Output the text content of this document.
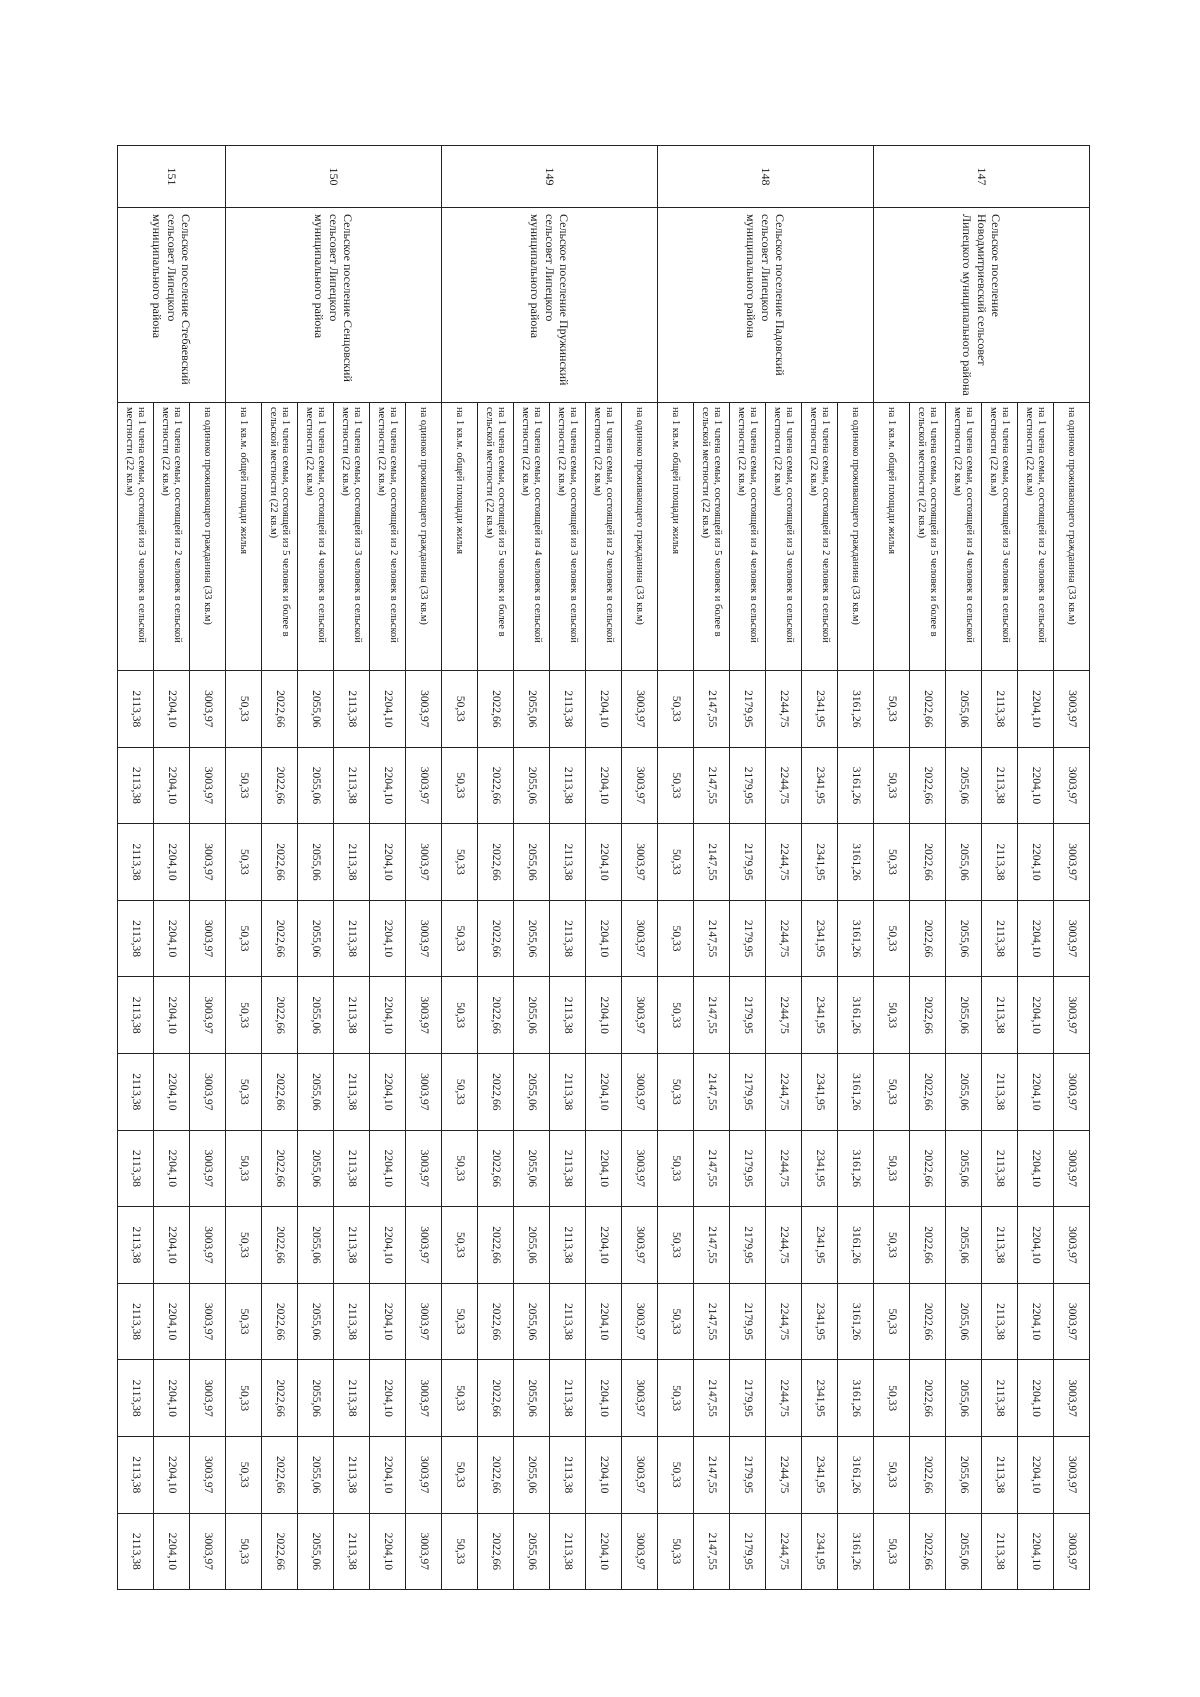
147	Сельское поселение Новодмитриевский сельсовет Липецкого муниципального района	на одиноко проживающего гражданина (33 кв.м)	3003,97	3003,97	3003,97	3003,97	3003,97	3003,97	3003,97	3003,97	3003,97	3003,97	3003,97	3003,97
		на 1 члена семьи, состоящей из 2 человек в сельской местности (22 кв.м)	2204,10	2204,10	2204,10	2204,10	2204,10	2204,10	2204,10	2204,10	2204,10	2204,10	2204,10	2204,10
		на 1 члена семьи, состоящей из 3 человек в сельской местности (22 кв.м)	2113,38	2113,38	2113,38	2113,38	2113,38	2113,38	2113,38	2113,38	2113,38	2113,38	2113,38	2113,38
		на 1 члена семьи, состоящей из 4 человек в сельской местности (22 кв.м)	2055,06	2055,06	2055,06	2055,06	2055,06	2055,06	2055,06	2055,06	2055,06	2055,06	2055,06	2055,06
		на 1 члена семьи, состоящей из 5 человек и более в сельской местности (22 кв.м)	2022,66	2022,66	2022,66	2022,66	2022,66	2022,66	2022,66	2022,66	2022,66	2022,66	2022,66	2022,66
		на 1 кв.м. общей площади жилья	50,33	50,33	50,33	50,33	50,33	50,33	50,33	50,33	50,33	50,33	50,33	50,33
148	Сельское поселение Падовский сельсовет Липецкого муниципального района	на одиноко проживающего гражданина (33 кв.м)	3161,26	3161,26	3161,26	3161,26	3161,26	3161,26	3161,26	3161,26	3161,26	3161,26	3161,26	3161,26
		на 1 члена семьи, состоящей из 2 человек в сельской местности (22 кв.м)	2341,95	2341,95	2341,95	2341,95	2341,95	2341,95	2341,95	2341,95	2341,95	2341,95	2341,95	2341,95
		на 1 члена семьи, состоящей из 3 человек в сельской местности (22 кв.м)	2244,75	2244,75	2244,75	2244,75	2244,75	2244,75	2244,75	2244,75	2244,75	2244,75	2244,75	2244,75
		на 1 члена семьи, состоящей из 4 человек в сельской местности (22 кв.м)	2179,95	2179,95	2179,95	2179,95	2179,95	2179,95	2179,95	2179,95	2179,95	2179,95	2179,95	2179,95
		на 1 члена семьи, состоящей из 5 человек и более в сельской местности (22 кв.м)	2147,55	2147,55	2147,55	2147,55	2147,55	2147,55	2147,55	2147,55	2147,55	2147,55	2147,55	2147,55
		на 1 кв.м. общей площади жилья	50,33	50,33	50,33	50,33	50,33	50,33	50,33	50,33	50,33	50,33	50,33	50,33
149	Сельское поселение Пружинский сельсовет Липецкого муниципального района	на одиноко проживающего гражданина (33 кв.м)	3003,97	3003,97	3003,97	3003,97	3003,97	3003,97	3003,97	3003,97	3003,97	3003,97	3003,97	3003,97
		на 1 члена семьи, состоящей из 2 человек в сельской местности (22 кв.м)	2204,10	2204,10	2204,10	2204,10	2204,10	2204,10	2204,10	2204,10	2204,10	2204,10	2204,10	2204,10
		на 1 члена семьи, состоящей из 3 человек в сельской местности (22 кв.м)	2113,38	2113,38	2113,38	2113,38	2113,38	2113,38	2113,38	2113,38	2113,38	2113,38	2113,38	2113,38
		на 1 члена семьи, состоящей из 4 человек в сельской местности (22 кв.м)	2055,06	2055,06	2055,06	2055,06	2055,06	2055,06	2055,06	2055,06	2055,06	2055,06	2055,06	2055,06
		на 1 члена семьи, состоящей из 5 человек и более в сельской местности (22 кв.м)	2022,66	2022,66	2022,66	2022,66	2022,66	2022,66	2022,66	2022,66	2022,66	2022,66	2022,66	2022,66
		на 1 кв.м. общей площади жилья	50,33	50,33	50,33	50,33	50,33	50,33	50,33	50,33	50,33	50,33	50,33	50,33
150	Сельское поселение Сенцовский сельсовет Липецкого муниципального района	на одиноко проживающего гражданина (33 кв.м)	3003,97	3003,97	3003,97	3003,97	3003,97	3003,97	3003,97	3003,97	3003,97	3003,97	3003,97	3003,97
		на 1 члена семьи, состоящей из 2 человек в сельской местности (22 кв.м)	2204,10	2204,10	2204,10	2204,10	2204,10	2204,10	2204,10	2204,10	2204,10	2204,10	2204,10	2204,10
		на 1 члена семьи, состоящей из 3 человек в сельской местности (22 кв.м)	2113,38	2113,38	2113,38	2113,38	2113,38	2113,38	2113,38	2113,38	2113,38	2113,38	2113,38	2113,38
		на 1 члена семьи, состоящей из 4 человек в сельской местности (22 кв.м)	2055,06	2055,06	2055,06	2055,06	2055,06	2055,06	2055,06	2055,06	2055,06	2055,06	2055,06	2055,06
		на 1 члена семьи, состоящей из 5 человек и более в сельской местности (22 кв.м)	2022,66	2022,66	2022,66	2022,66	2022,66	2022,66	2022,66	2022,66	2022,66	2022,66	2022,66	2022,66
		на 1 кв.м. общей площади жилья	50,33	50,33	50,33	50,33	50,33	50,33	50,33	50,33	50,33	50,33	50,33	50,33
151	Сельское поселение Стебаевский сельсовет Липецкого муниципального района	на одиноко проживающего гражданина (33 кв.м)	3003,97	3003,97	3003,97	3003,97	3003,97	3003,97	3003,97	3003,97	3003,97	3003,97	3003,97	3003,97
		на 1 члена семьи, состоящей из 2 человек в сельской местности (22 кв.м)	2204,10	2204,10	2204,10	2204,10	2204,10	2204,10	2204,10	2204,10	2204,10	2204,10	2204,10	2204,10
		на 1 члена семьи, состоящей из 3 человек в сельской местности (22 кв.м)	2113,38	2113,38	2113,38	2113,38	2113,38	2113,38	2113,38	2113,38	2113,38	2113,38	2113,38	2113,38
